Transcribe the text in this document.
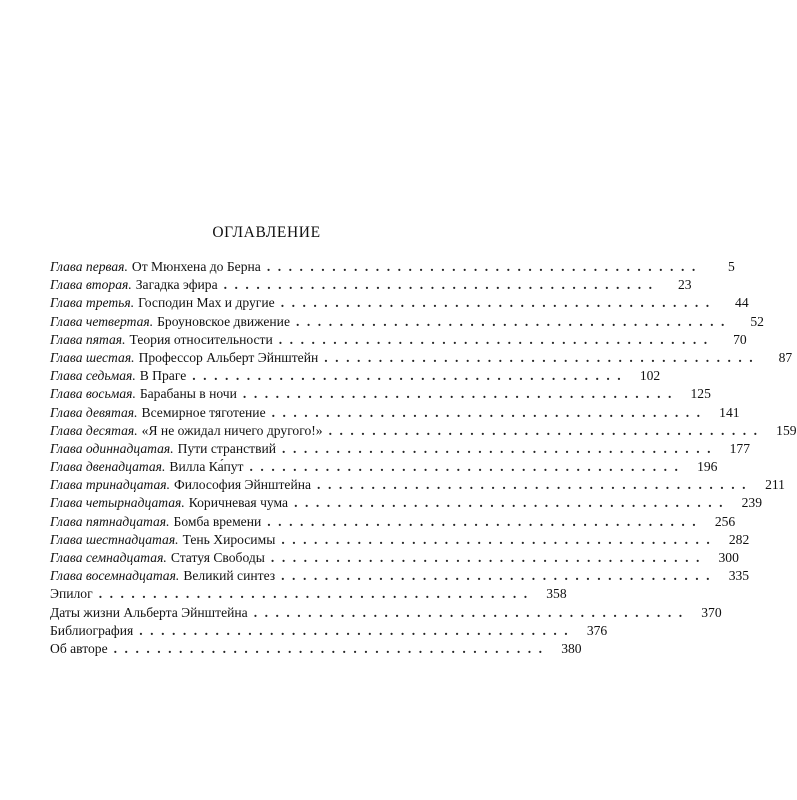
ОГЛАВЛЕНИЕ
Глава первая . От Мюнхена до Берна ........................................	5
Глава вторая . Загадка эфира ........................................	23
Глава третья . Господин Мах и другие ........................................	44
Глава четвертая . Броуновское движение ........................................	52
Глава пятая . Теория относительности ........................................	70
Глава шестая . Профессор Альберт Эйнштейн ........................................	87
Глава седьмая . В Праге ........................................ 102
Глава восьмая . Барабаны в ночи ........................................ 125
Глава девятая . Всемирное тяготение ........................................ 141
Глава десятая . «Я не ожидал ничего другого!» ........................................ 159
Глава одиннадцатая . Пути странствий ........................................ 177
Глава двенадцатая . Вилла Ка́пут ........................................ 196
Глава тринадцатая . Философия Эйнштейна ........................................ 211
Глава четырнадцатая . Коричневая чума ........................................ 239
Глава пятнадцатая . Бомба времени ........................................ 256
Глава шестнадцатая . Тень Хиросимы ........................................ 282
Глава семнадцатая . Статуя Свободы ........................................ 300
Глава восемнадцатая . Великий синтез ........................................ 335
Эпилог ........................................ 358
Даты жизни Альберта Эйнштейна ........................................ 370
Библиография ........................................ 376
Об авторе ........................................ 380
